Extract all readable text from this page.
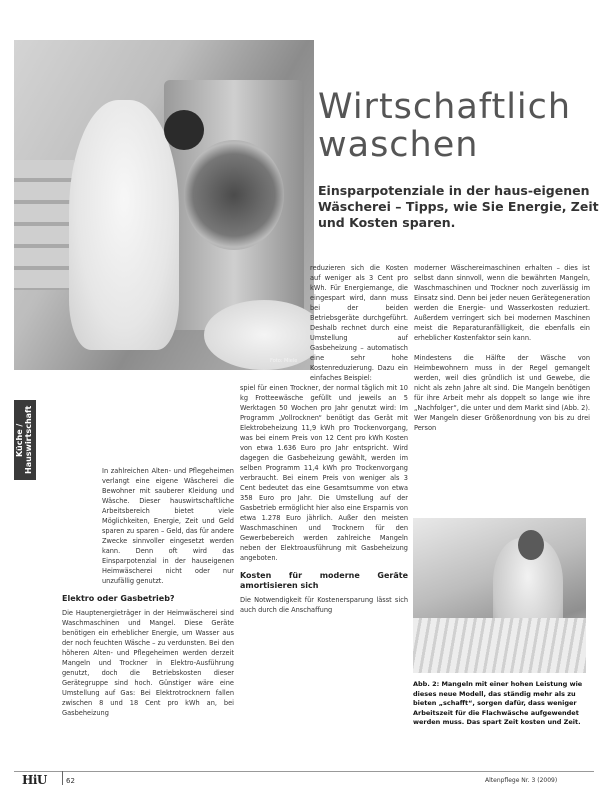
Foto: Miele
Küche / Hauswirtschaft
Wirtschaftlich
waschen
Einsparpotenziale in der haus-eigenen Wäscherei – Tipps, wie Sie Energie, Zeit und Kosten sparen.

In zahlreichen Alten- und Pflegeheimen verlangt eine eigene Wäscherei die Bewohner mit sauberer Kleidung und Wäsche. Dieser hauswirtschaftliche Arbeitsbereich bietet viele Möglichkeiten, Energie, Zeit und Geld sparen zu sparen – Geld, das für andere Zwecke sinnvoller eingesetzt werden kann. Denn oft wird das Einsparpotenzial in der hauseigenen Heimwäscherei nicht oder nur unzufällig genutzt.

Elektro oder Gasbetrieb?

Die Hauptenergieträger in der Heimwäscherei sind Waschmaschinen und Mangel. Diese Geräte benötigen ein erheblicher Energie, um Wasser aus der noch feuchten Wäsche – zu verdunsten. Bei den höheren Alten- und Pflegeheimen werden derzeit Mangeln und Trockner in Elektro-Ausführung genutzt, doch die Betriebskosten dieser Gerätegruppe sind hoch. Günstiger wäre eine Umstellung auf Gas: Bei Elektrotrocknern fallen zwischen 8 und 18 Cent pro kWh an, bei Gasbeheizung

reduzieren sich die Kosten auf weniger als 3 Cent pro kWh. Für Energiemange, die eingespart wird, dann muss bei der beiden Betriebsgeräte durchgeführt. Deshalb rechnet durch eine Umstellung auf Gasbeheizung – automatisch eine sehr hohe Kostenreduzierung. Dazu ein einfaches Beispiel:

spiel für einen Trockner, der normal täglich mit 10 kg Frotteewäsche gefüllt und jeweils an 5 Werktagen 50 Wochen pro Jahr genutzt wird: Im Programm „Vollrocknen“ benötigt das Gerät mit Elektrobeheizung 11,9 kWh pro Trockenvorgang, was bei einem Preis von 12 Cent pro kWh Kosten von etwa 1.636 Euro pro Jahr entspricht. Wird dagegen die Gasbeheizung gewählt, werden im selben Programm 11,4 kWh pro Trockenvorgang verbraucht. Bei einem Preis von weniger als 3 Cent bedeutet das eine Gesamtsumme von etwa 358 Euro pro Jahr. Die Umstellung auf der Gasbetrieb ermöglicht hier also eine Ersparnis von etwa 1.278 Euro jährlich. Außer den meisten Waschmaschinen und Trocknern für den Gewerbebereich werden zahlreiche Mangeln neben der Elektroausführung mit Gasbeheizung angeboten.

Kosten für moderne Geräte amortisieren sich

Die Notwendigkeit für Kostenersparung lässt sich auch durch die Anschaffung

moderner Wäschereimaschinen erhalten – dies ist selbst dann sinnvoll, wenn die bewährten Mangeln, Waschmaschinen und Trockner noch zuverlässig im Einsatz sind. Denn bei jeder neuen Gerätegeneration werden die Energie- und Wasserkosten reduziert. Außerdem verringert sich bei modernen Maschinen meist die Reparaturanfälligkeit, die ebenfalls ein erheblicher Kostenfaktor sein kann.

Mindestens die Hälfte der Wäsche von Heimbewohnern muss in der Regel gemangelt werden, weil dies gründlich ist und Gewebe, die nicht als zehn Jahre alt sind. Die Mangeln benötigen für ihre Arbeit mehr als doppelt so lange wie ihre „Nachfolger“, die unter und dem Markt sind (Abb. 2). Wer Mangeln dieser Größenordnung von bis zu drei Person

Abb. 2: Mangeln mit einer hohen Leistung wie dieses neue Modell, das ständig mehr als zu bieten „schafft“, sorgen dafür, dass weniger Arbeitszeit für die Flachwäsche aufgewendet werden muss. Das spart Zeit kosten und Zeit.
HiU	62	Altenpflege Nr. 3 (2009)
